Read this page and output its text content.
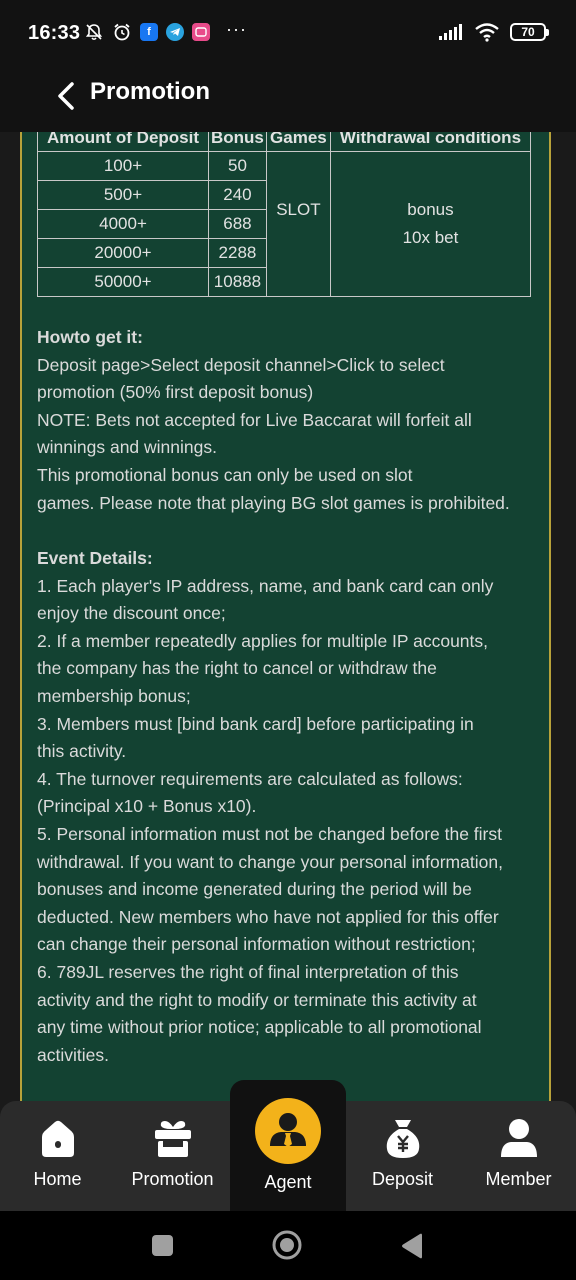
16:33	f	···	70
Promotion
Amount of Deposit	Bonus	Games	Withdrawal conditions
100+	50	SLOT	bonus
10x bet

500+	240		
4000+	688		
20000+	2288		
50000+	10888		
Howto get it:
Deposit page>Select deposit channel>Click to select
promotion (50% first deposit bonus)
NOTE: Bets not accepted for Live Baccarat will forfeit all
winnings and winnings.
This promotional bonus can only be used on slot
games. Please note that playing BG slot games is prohibited.
Event Details:
1. Each player's IP address, name, and bank card can only
enjoy the discount once;
2. If a member repeatedly applies for multiple IP accounts,
the company has the right to cancel or withdraw the
membership bonus;
3. Members must [bind bank card] before participating in
this activity.
4. The turnover requirements are calculated as follows:
(Principal x10 + Bonus x10).
5. Personal information must not be changed before the first
withdrawal. If you want to change your personal information,
bonuses and income generated during the period will be
deducted. New members who have not applied for this offer
can change their personal information without restriction;
6. 789JL reserves the right of final interpretation of this
activity and the right to modify or terminate this activity at
any time without prior notice; applicable to all promotional
activities.
Home	Promotion	Deposit	Member
Agent
